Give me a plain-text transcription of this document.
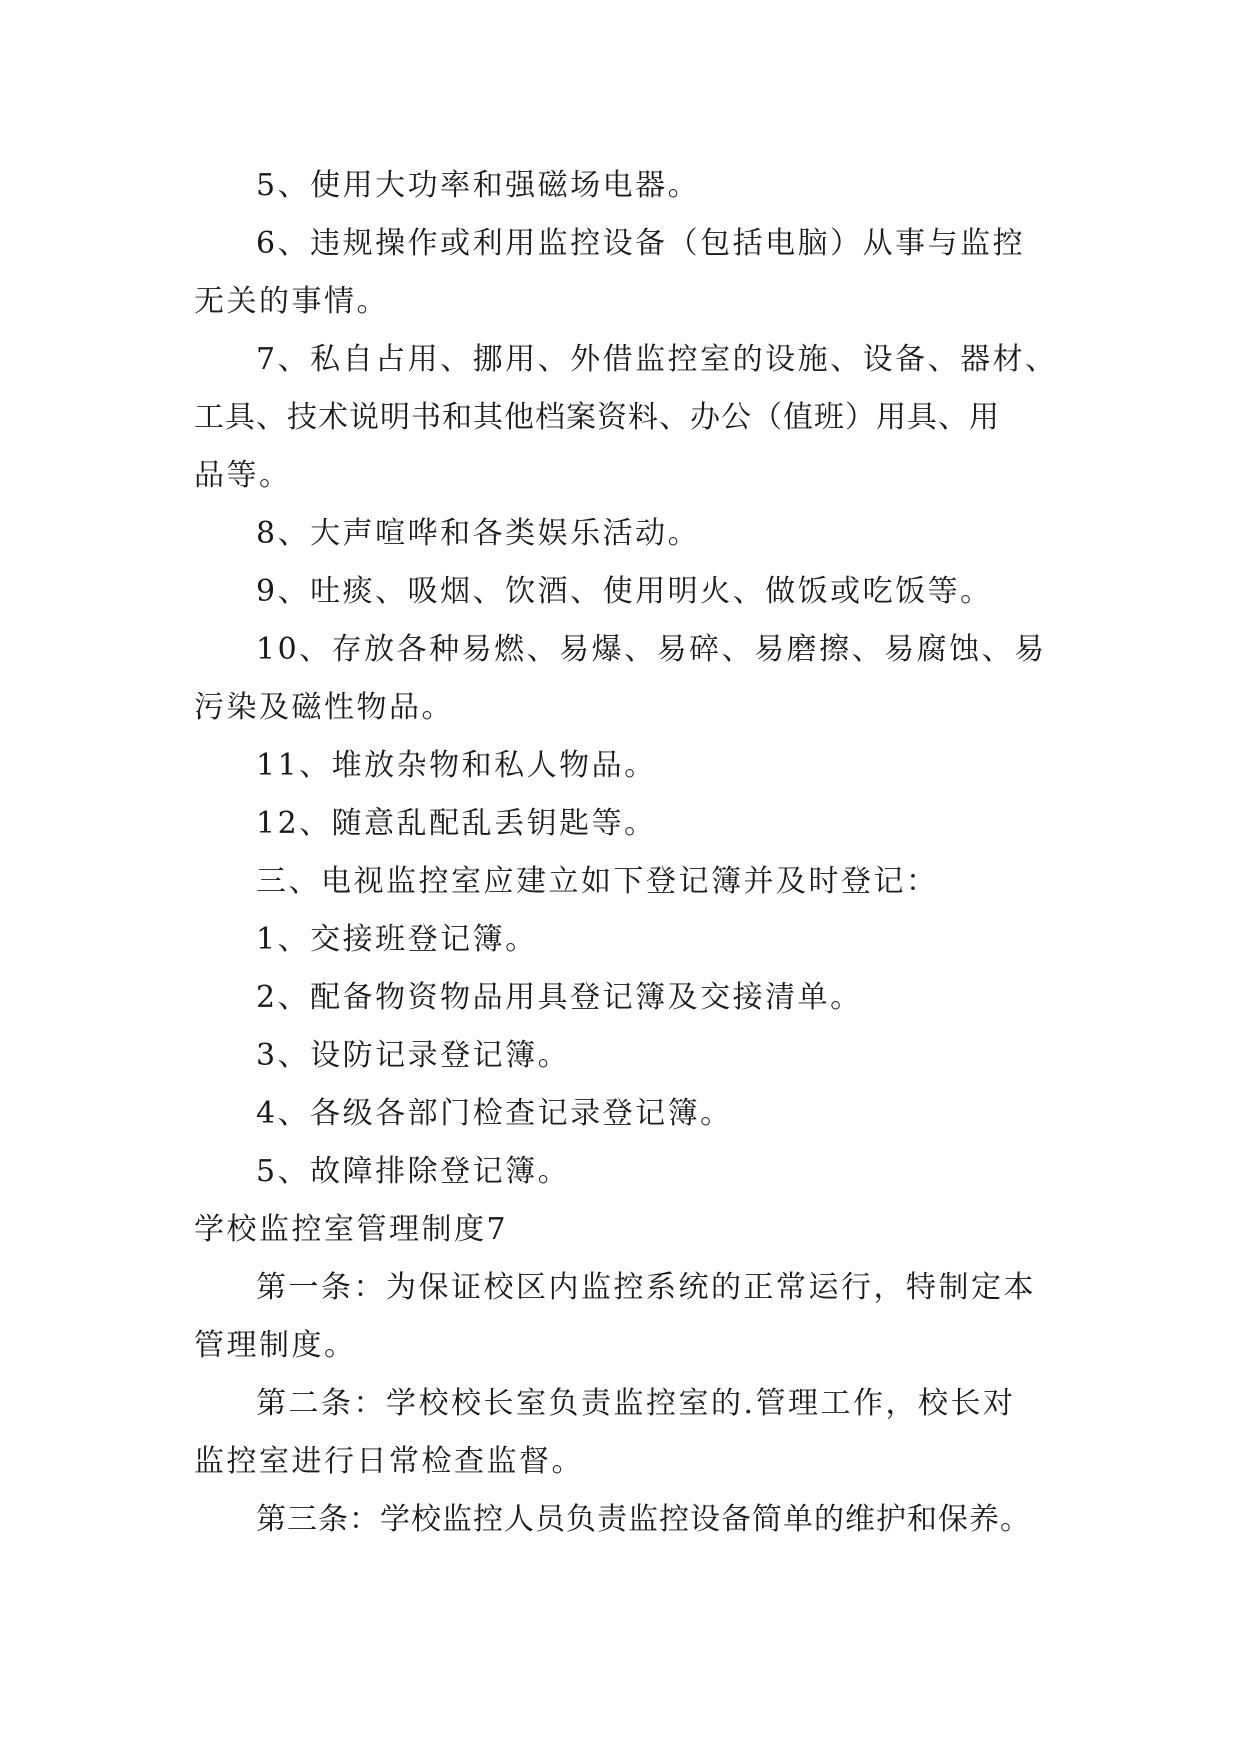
5、使用大功率和强磁场电器。

6、违规操作或利用监控设备（包括电脑）从事与监控

无关的事情。

7、私自占用、挪用、外借监控室的设施、设备、器材、

工具、技术说明书和其他档案资料、办公（值班）用具、用

品等。

8、大声喧哗和各类娱乐活动。

9、吐痰、吸烟、饮酒、使用明火、做饭或吃饭等。

10、存放各种易燃、易爆、易碎、易磨擦、易腐蚀、易

污染及磁性物品。

11、堆放杂物和私人物品。

12、随意乱配乱丢钥匙等。

三、电视监控室应建立如下登记簿并及时登记：

1、交接班登记簿。

2、配备物资物品用具登记簿及交接清单。

3、设防记录登记簿。

4、各级各部门检查记录登记簿。

5、故障排除登记簿。

学校监控室管理制度7

第一条：为保证校区内监控系统的正常运行，特制定本

管理制度。

第二条：学校校长室负责监控室的.管理工作，校长对

监控室进行日常检查监督。

第三条：学校监控人员负责监控设备简单的维护和保养。
